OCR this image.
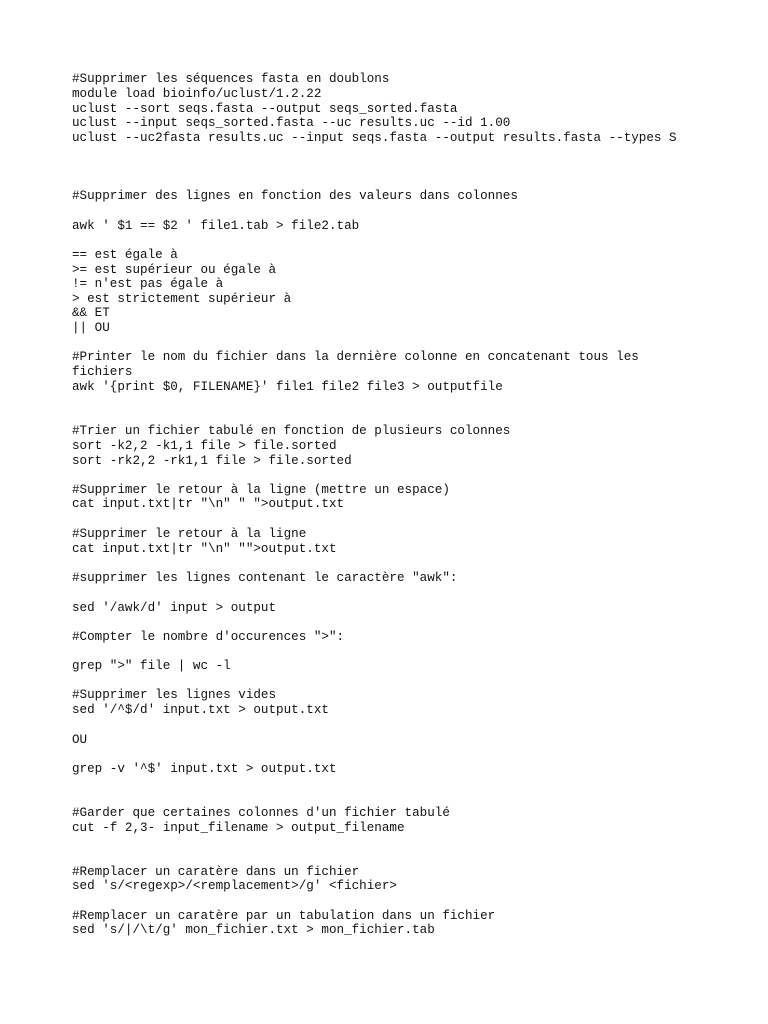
#Supprimer les séquences fasta en doublons
module load bioinfo/uclust/1.2.22
uclust --sort seqs.fasta --output seqs_sorted.fasta
uclust --input seqs_sorted.fasta --uc results.uc --id 1.00
uclust --uc2fasta results.uc --input seqs.fasta --output results.fasta --types S
#Supprimer des lignes en fonction des valeurs dans colonnes
awk ' $1 == $2 ' file1.tab > file2.tab
== est égale à
>= est supérieur ou égale à
!= n'est pas égale à
> est strictement supérieur à
&& ET
|| OU
#Printer le nom du fichier dans la dernière colonne en concatenant tous les
fichiers
awk '{print $0, FILENAME}' file1 file2 file3 > outputfile
#Trier un fichier tabulé en fonction de plusieurs colonnes
sort -k2,2 -k1,1 file > file.sorted
sort -rk2,2 -rk1,1 file > file.sorted
#Supprimer le retour à la ligne (mettre un espace)
cat input.txt|tr "\n" " ">output.txt
#Supprimer le retour à la ligne
cat input.txt|tr "\n" "">output.txt
#supprimer les lignes contenant le caractère "awk":
sed '/awk/d' input > output
#Compter le nombre d'occurences ">":
grep ">" file | wc -l
#Supprimer les lignes vides
sed '/^$/d' input.txt > output.txt
OU
grep -v '^$' input.txt > output.txt
#Garder que certaines colonnes d'un fichier tabulé
cut -f 2,3- input_filename > output_filename
#Remplacer un caratère dans un fichier
sed 's/<regexp>/<remplacement>/g' <fichier>
#Remplacer un caratère par un tabulation dans un fichier
sed 's/|/\t/g' mon_fichier.txt > mon_fichier.tab
